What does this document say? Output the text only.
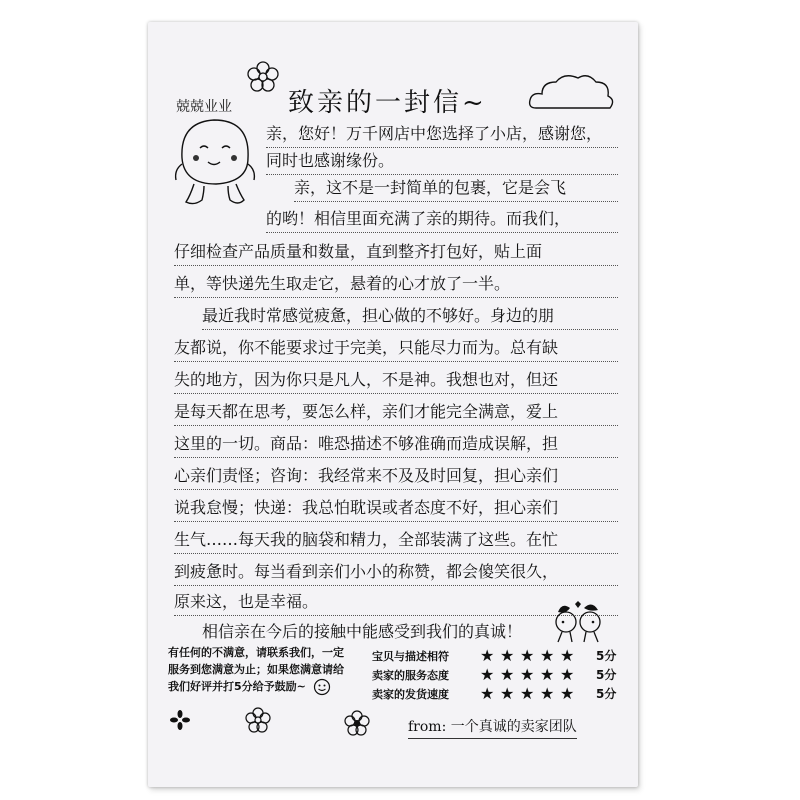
兢兢业业 致亲的一封信~
亲，您好！万千网店中您选择了小店，感谢您，
同时也感谢缘份。
亲，这不是一封简单的包裹，它是会飞
的哟！相信里面充满了亲的期待。而我们，
仔细检查产品质量和数量，直到整齐打包好，贴上面
单，等快递先生取走它，悬着的心才放了一半。
最近我时常感觉疲惫，担心做的不够好。身边的朋
友都说，你不能要求过于完美，只能尽力而为。总有缺
失的地方，因为你只是凡人，不是神。我想也对，但还
是每天都在思考，要怎么样，亲们才能完全满意，爱上
这里的一切。商品：唯恐描述不够准确而造成误解，担
心亲们责怪；咨询：我经常来不及及时回复，担心亲们
说我怠慢；快递：我总怕耽误或者态度不好，担心亲们
生气……每天我的脑袋和精力，全部装满了这些。在忙
到疲惫时。每当看到亲们小小的称赞，都会傻笑很久，
原来这，也是幸福。
相信亲在今后的接触中能感受到我们的真诚！
有任何的不满意，请联系我们，一定
服务到您满意为止；如果您满意请给
我们好评并打5分给予鼓励~
宝贝与描述相符	★ ★ ★ ★ ★ 5分
卖家的服务态度	★ ★ ★ ★ ★ 5分
卖家的发货速度	★ ★ ★ ★ ★ 5分
from: 一个真诚的卖家团队
